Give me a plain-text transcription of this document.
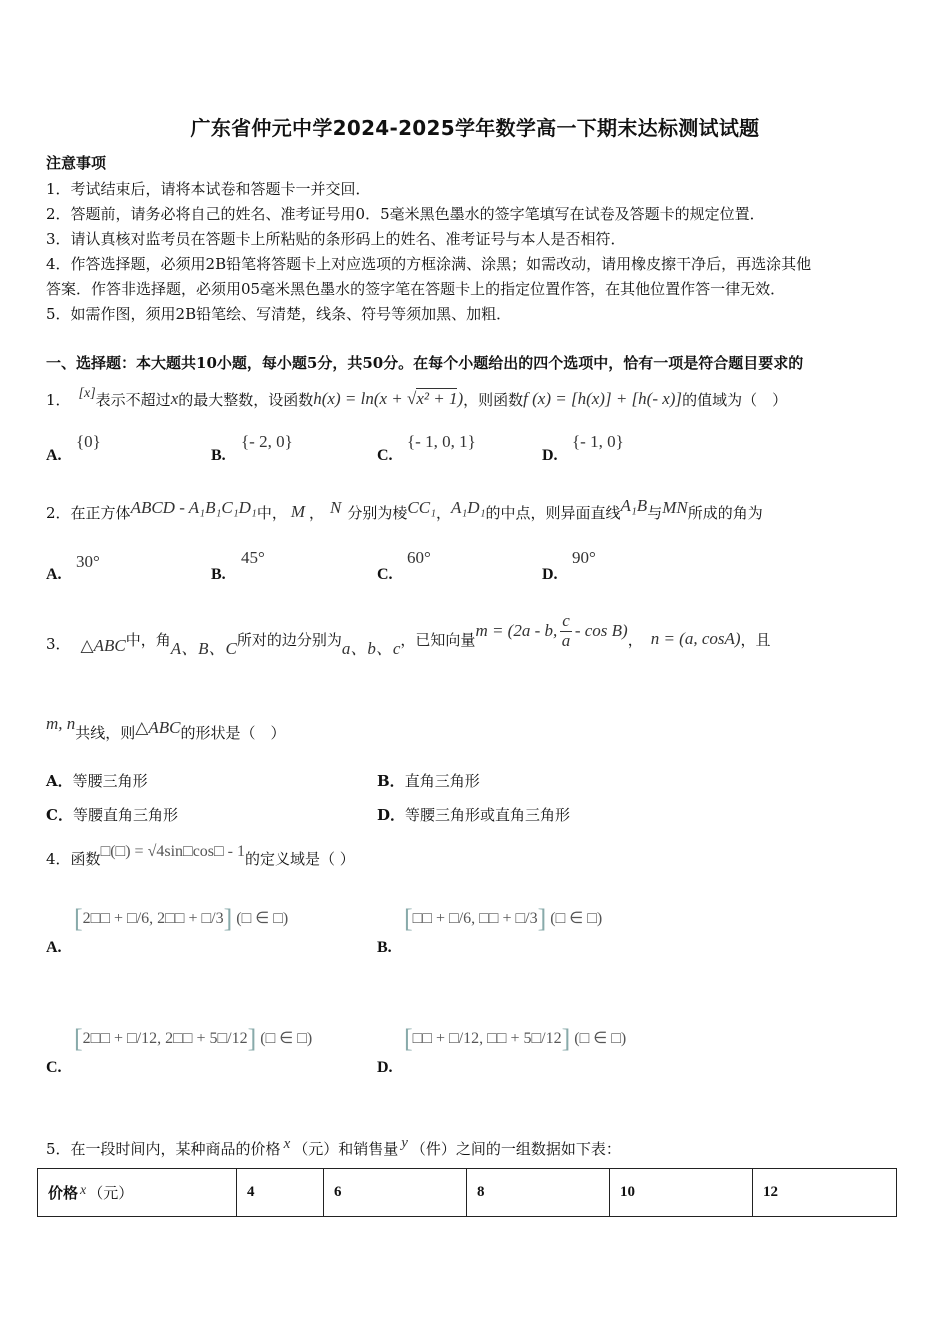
广东省仲元中学2024-2025学年数学高一下期末达标测试试题
注意事项
1．考试结束后，请将本试卷和答题卡一并交回．
2．答题前，请务必将自己的姓名、准考证号用0．5毫米黑色墨水的签字笔填写在试卷及答题卡的规定位置．
3．请认真核对监考员在答题卡上所粘贴的条形码上的姓名、准考证号与本人是否相符．
4．作答选择题，必须用2B铅笔将答题卡上对应选项的方框涂满、涂黑；如需改动，请用橡皮擦干净后，再选涂其他
答案．作答非选择题，必须用05毫米黑色墨水的签字笔在答题卡上的指定位置作答，在其他位置作答一律无效．
5．如需作图，须用2B铅笔绘、写清楚，线条、符号等须加黑、加粗．
一、选择题：本大题共10小题，每小题5分，共50分。在每个小题给出的四个选项中，恰有一项是符合题目要求的
1． [x] 表示不超过 x 的最大整数，设函数 h(x) = ln(x + √x² + 1) ，则函数 f (x) = [h(x)] + [h(- x)] 的值域为（　）
A.
{0}
B.
{- 2, 0}
C.
{- 1, 0, 1}
D.
{- 1, 0}
2． 在正方体 ABCD - A₁B₁C₁D₁ 中， M ， N 分别为棱 CC₁ ， A₁D₁ 的中点，则异面直线 A₁B 与 MN 所成的角为
A.
30°
B.
45°
C.
60°
D.
90°
3． △ABC 中，角 A、B、C 所对的边分别为 a、b、c ，已知向量 m = (2a - b, $\frac{c}{a}$ - cos B) ， n = (a, cosA) ，且
m, n 共线，则 △ABC 的形状是（　）
A．等腰三角形	B．直角三角形
C．等腰直角三角形	D．等腰三角形或直角三角形
4． 函数 □(□) = √4sin□cos□ - 1 的定义域是（ ）
[2□□ + □/6, 2□□ + □/3] (□ ∈ □)
A.
[□□ + □/6, □□ + □/3] (□ ∈ □)
B.
[2□□ + □/12, 2□□ + 5□/12] (□ ∈ □)
C.
[□□ + □/12, □□ + 5□/12] (□ ∈ □)
D.
5． 在一段时间内，某种商品的价格 x （元）和销售量 y （件）之间的一组数据如下表：
价格 x （元）	4	6	8	10	12
